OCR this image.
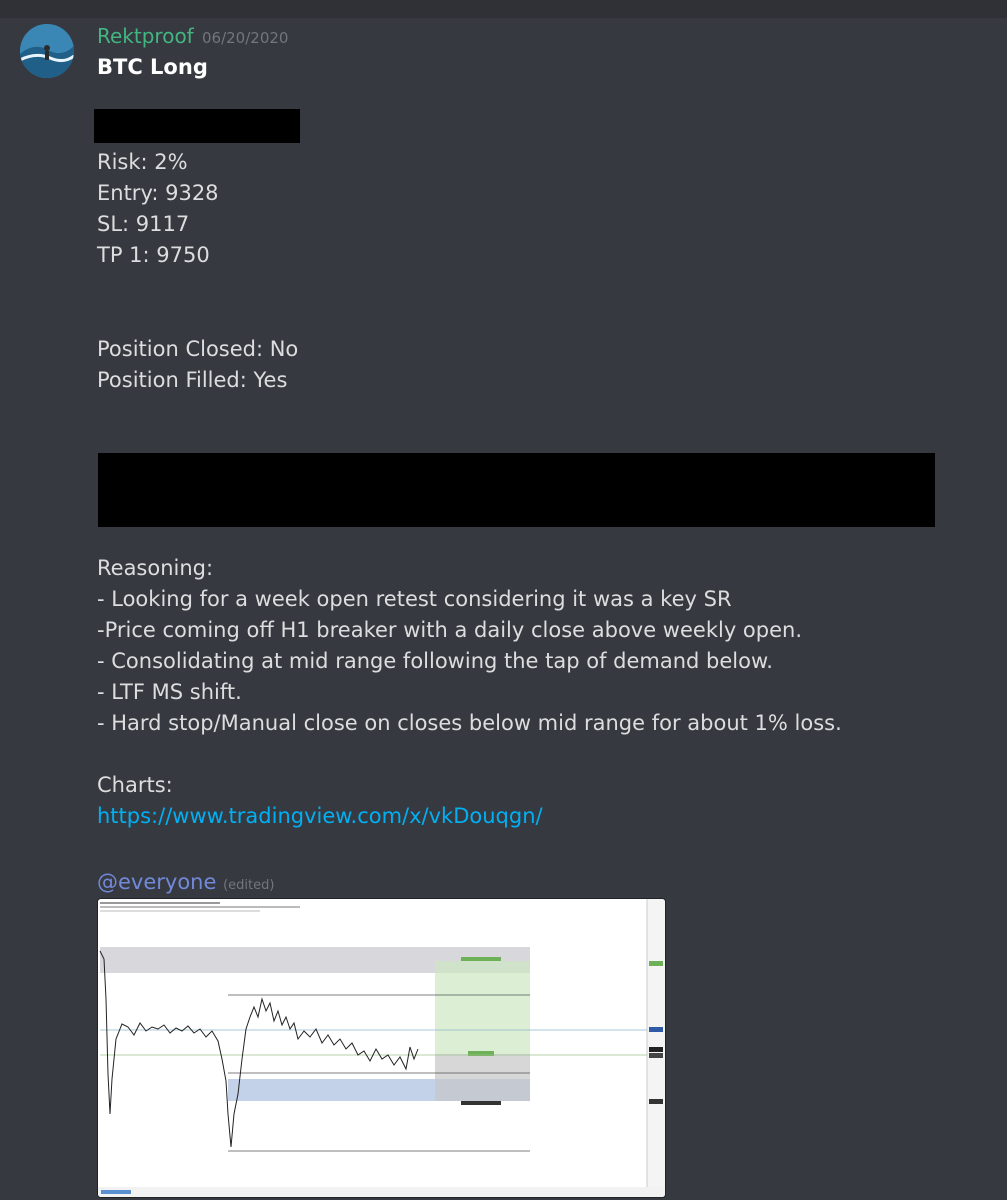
Rektproof 06/20/2020
BTC Long
Risk: 2%
Entry: 9328
SL: 9117
TP 1: 9750
Position Closed: No
Position Filled: Yes
Reasoning:
- Looking for a week open retest considering it was a key SR
-Price coming off H1 breaker with a daily close above weekly open.
- Consolidating at mid range following the tap of demand below.
- LTF MS shift.
- Hard stop/Manual close on closes below mid range for about 1% loss.
Charts:
https://www.tradingview.com/x/vkDouqgn/
@everyone (edited)
